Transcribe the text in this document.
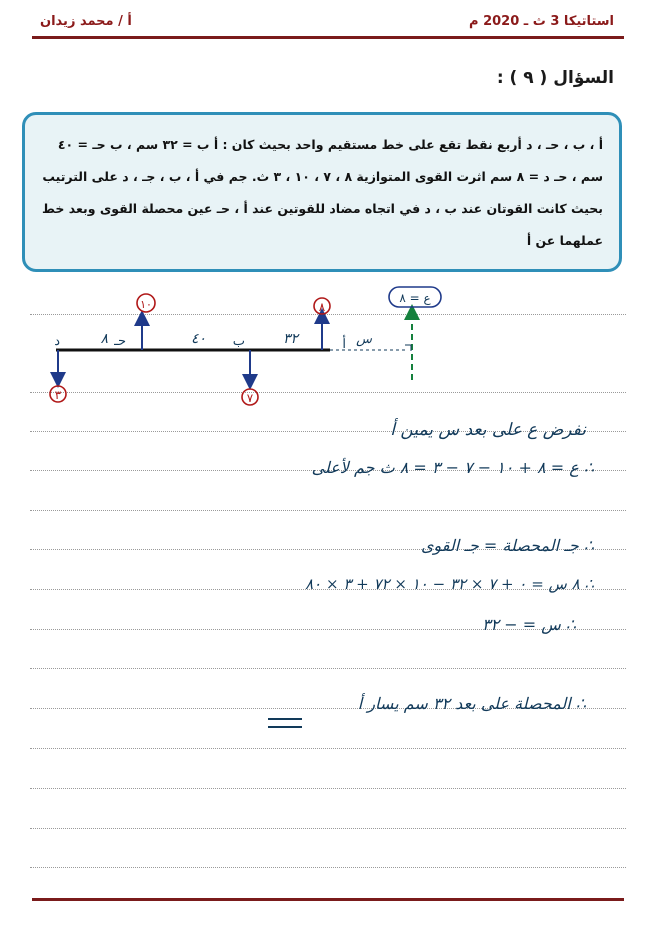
استاتيكا 3 ث ـ 2020 م
أ / محمد زيدان
السؤال ( ٩ ) :
أ ، ب ، حـ ، د أربع نقط تقع على خط مستقيم واحد بحيث كان : أ ب = ٣٢ سم ، ب حـ = ٤٠ سم ، حـ د = ٨ سم اثرت القوى المتوازية ٨ ، ٧ ، ١٠ ، ٣ ث. جم في أ ، ب ، جـ ، د على الترتيب بحيث كانت القوتان عند ب ، د في اتجاه مضاد للقوتين عند أ ، حـ عين محصلة القوى وبعد خط عملهما عن أ
د	حـ	ب	أ
٨	٤٠	٣٢
٣
١٠
٧
٨
ع = ٨
س
نفرض ع على بعد س يمين أ
∴ ع = ٨ + ١٠ − ٧ − ٣ = ٨ ث جم لأعلى
∴ جـ المحصلة = جـ القوى
∴ ٨ س = ٠ + ٧ × ٣٢ − ١٠ × ٧٢ + ٣ × ٨٠
∴ س = − ٣٢
∴ المحصلة على بعد ٣٢ سم يسار أ
